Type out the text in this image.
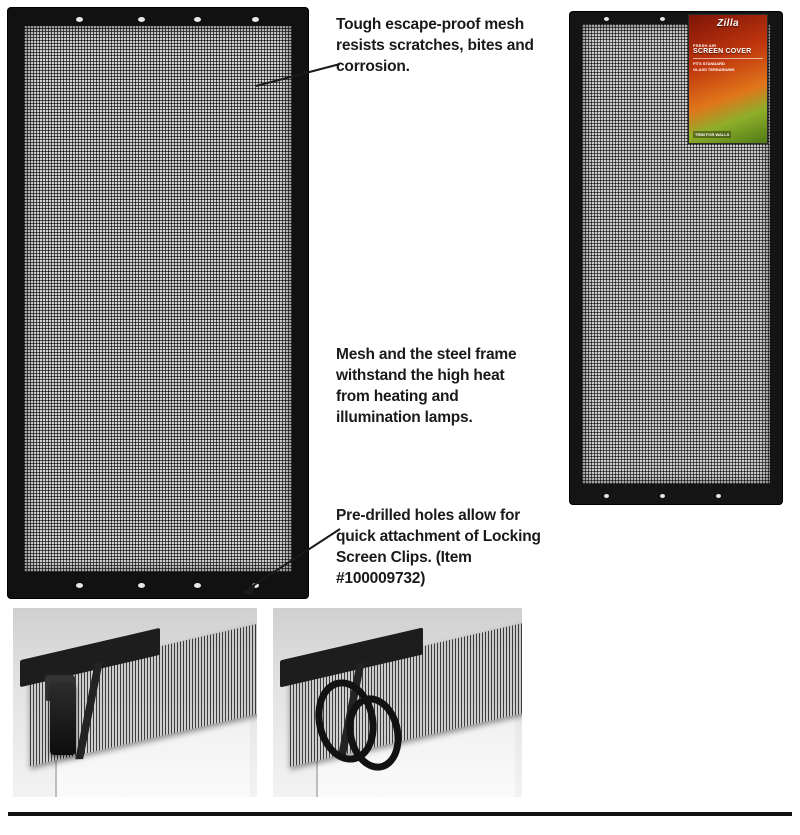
Zilla
FRESH AIR
SCREEN COVER
FITS STANDARD
GLASS TERRARIUMS
TRIM FOR WALLS
Tough escape-proof mesh resists scratches, bites and corrosion.
Mesh and the steel frame withstand the high heat from heating and illumination lamps.
Pre-drilled holes allow for quick attachment of Locking Screen Clips. (Item #100009732)
